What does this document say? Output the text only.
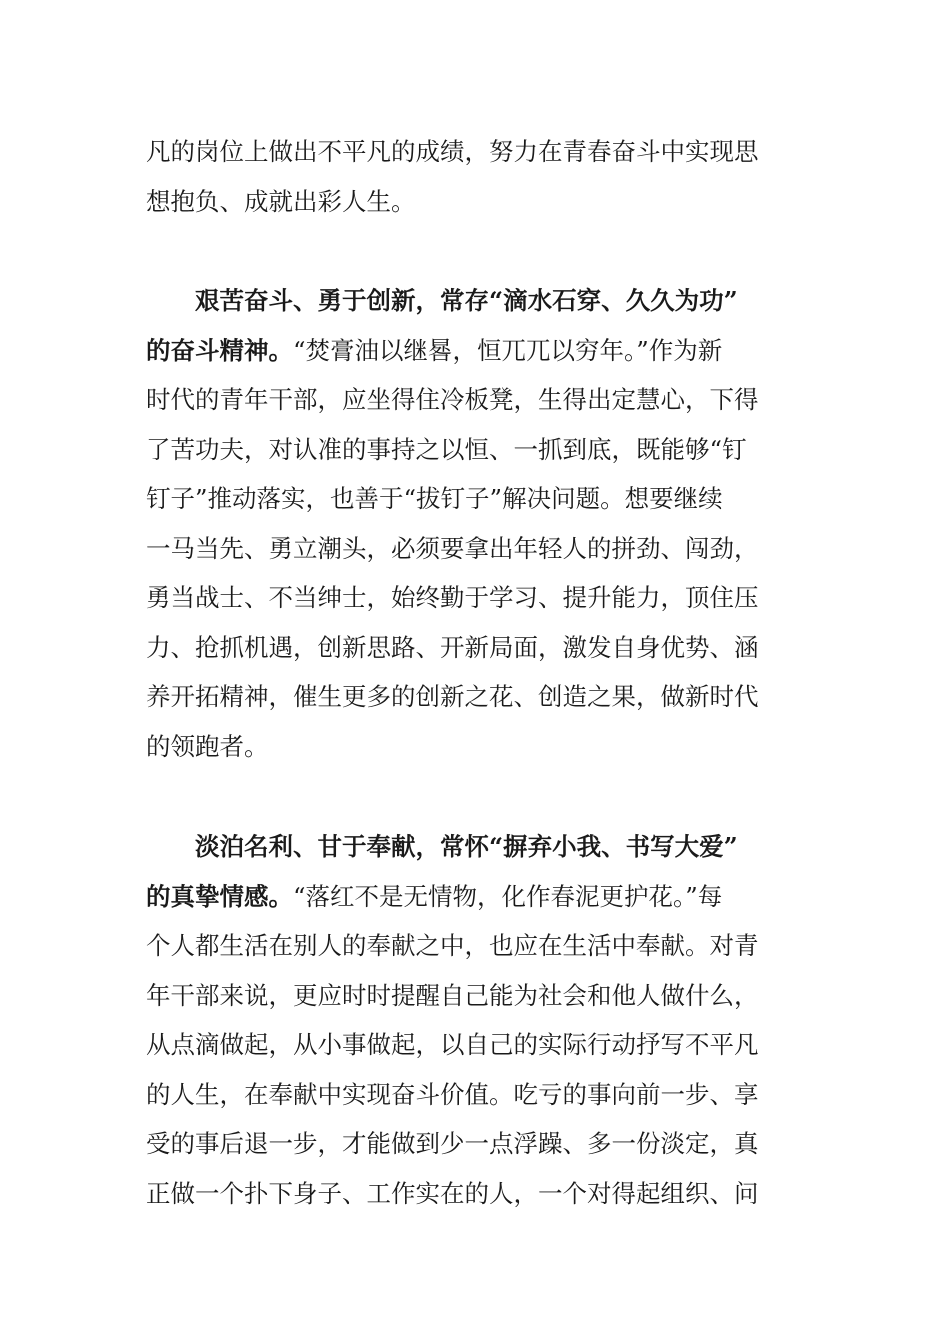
凡的岗位上做出不平凡的成绩，努力在青春奋斗中实现思
想抱负、成就出彩人生。
艰苦奋斗、勇于创新，常存“滴水石穿、久久为功”
的奋斗精神。“焚膏油以继晷，恒兀兀以穷年。”作为新
时代的青年干部，应坐得住冷板凳，生得出定慧心，下得
了苦功夫，对认准的事持之以恒、一抓到底，既能够“钉
钉子”推动落实，也善于“拔钉子”解决问题。想要继续
一马当先、勇立潮头，必须要拿出年轻人的拼劲、闯劲，
勇当战士、不当绅士，始终勤于学习、提升能力，顶住压
力、抢抓机遇，创新思路、开新局面，激发自身优势、涵
养开拓精神，催生更多的创新之花、创造之果，做新时代
的领跑者。
淡泊名利、甘于奉献，常怀“摒弃小我、书写大爱”
的真挚情感。“落红不是无情物，化作春泥更护花。”每
个人都生活在别人的奉献之中，也应在生活中奉献。对青
年干部来说，更应时时提醒自己能为社会和他人做什么，
从点滴做起，从小事做起，以自己的实际行动抒写不平凡
的人生，在奉献中实现奋斗价值。吃亏的事向前一步、享
受的事后退一步，才能做到少一点浮躁、多一份淡定，真
正做一个扑下身子、工作实在的人，一个对得起组织、问
